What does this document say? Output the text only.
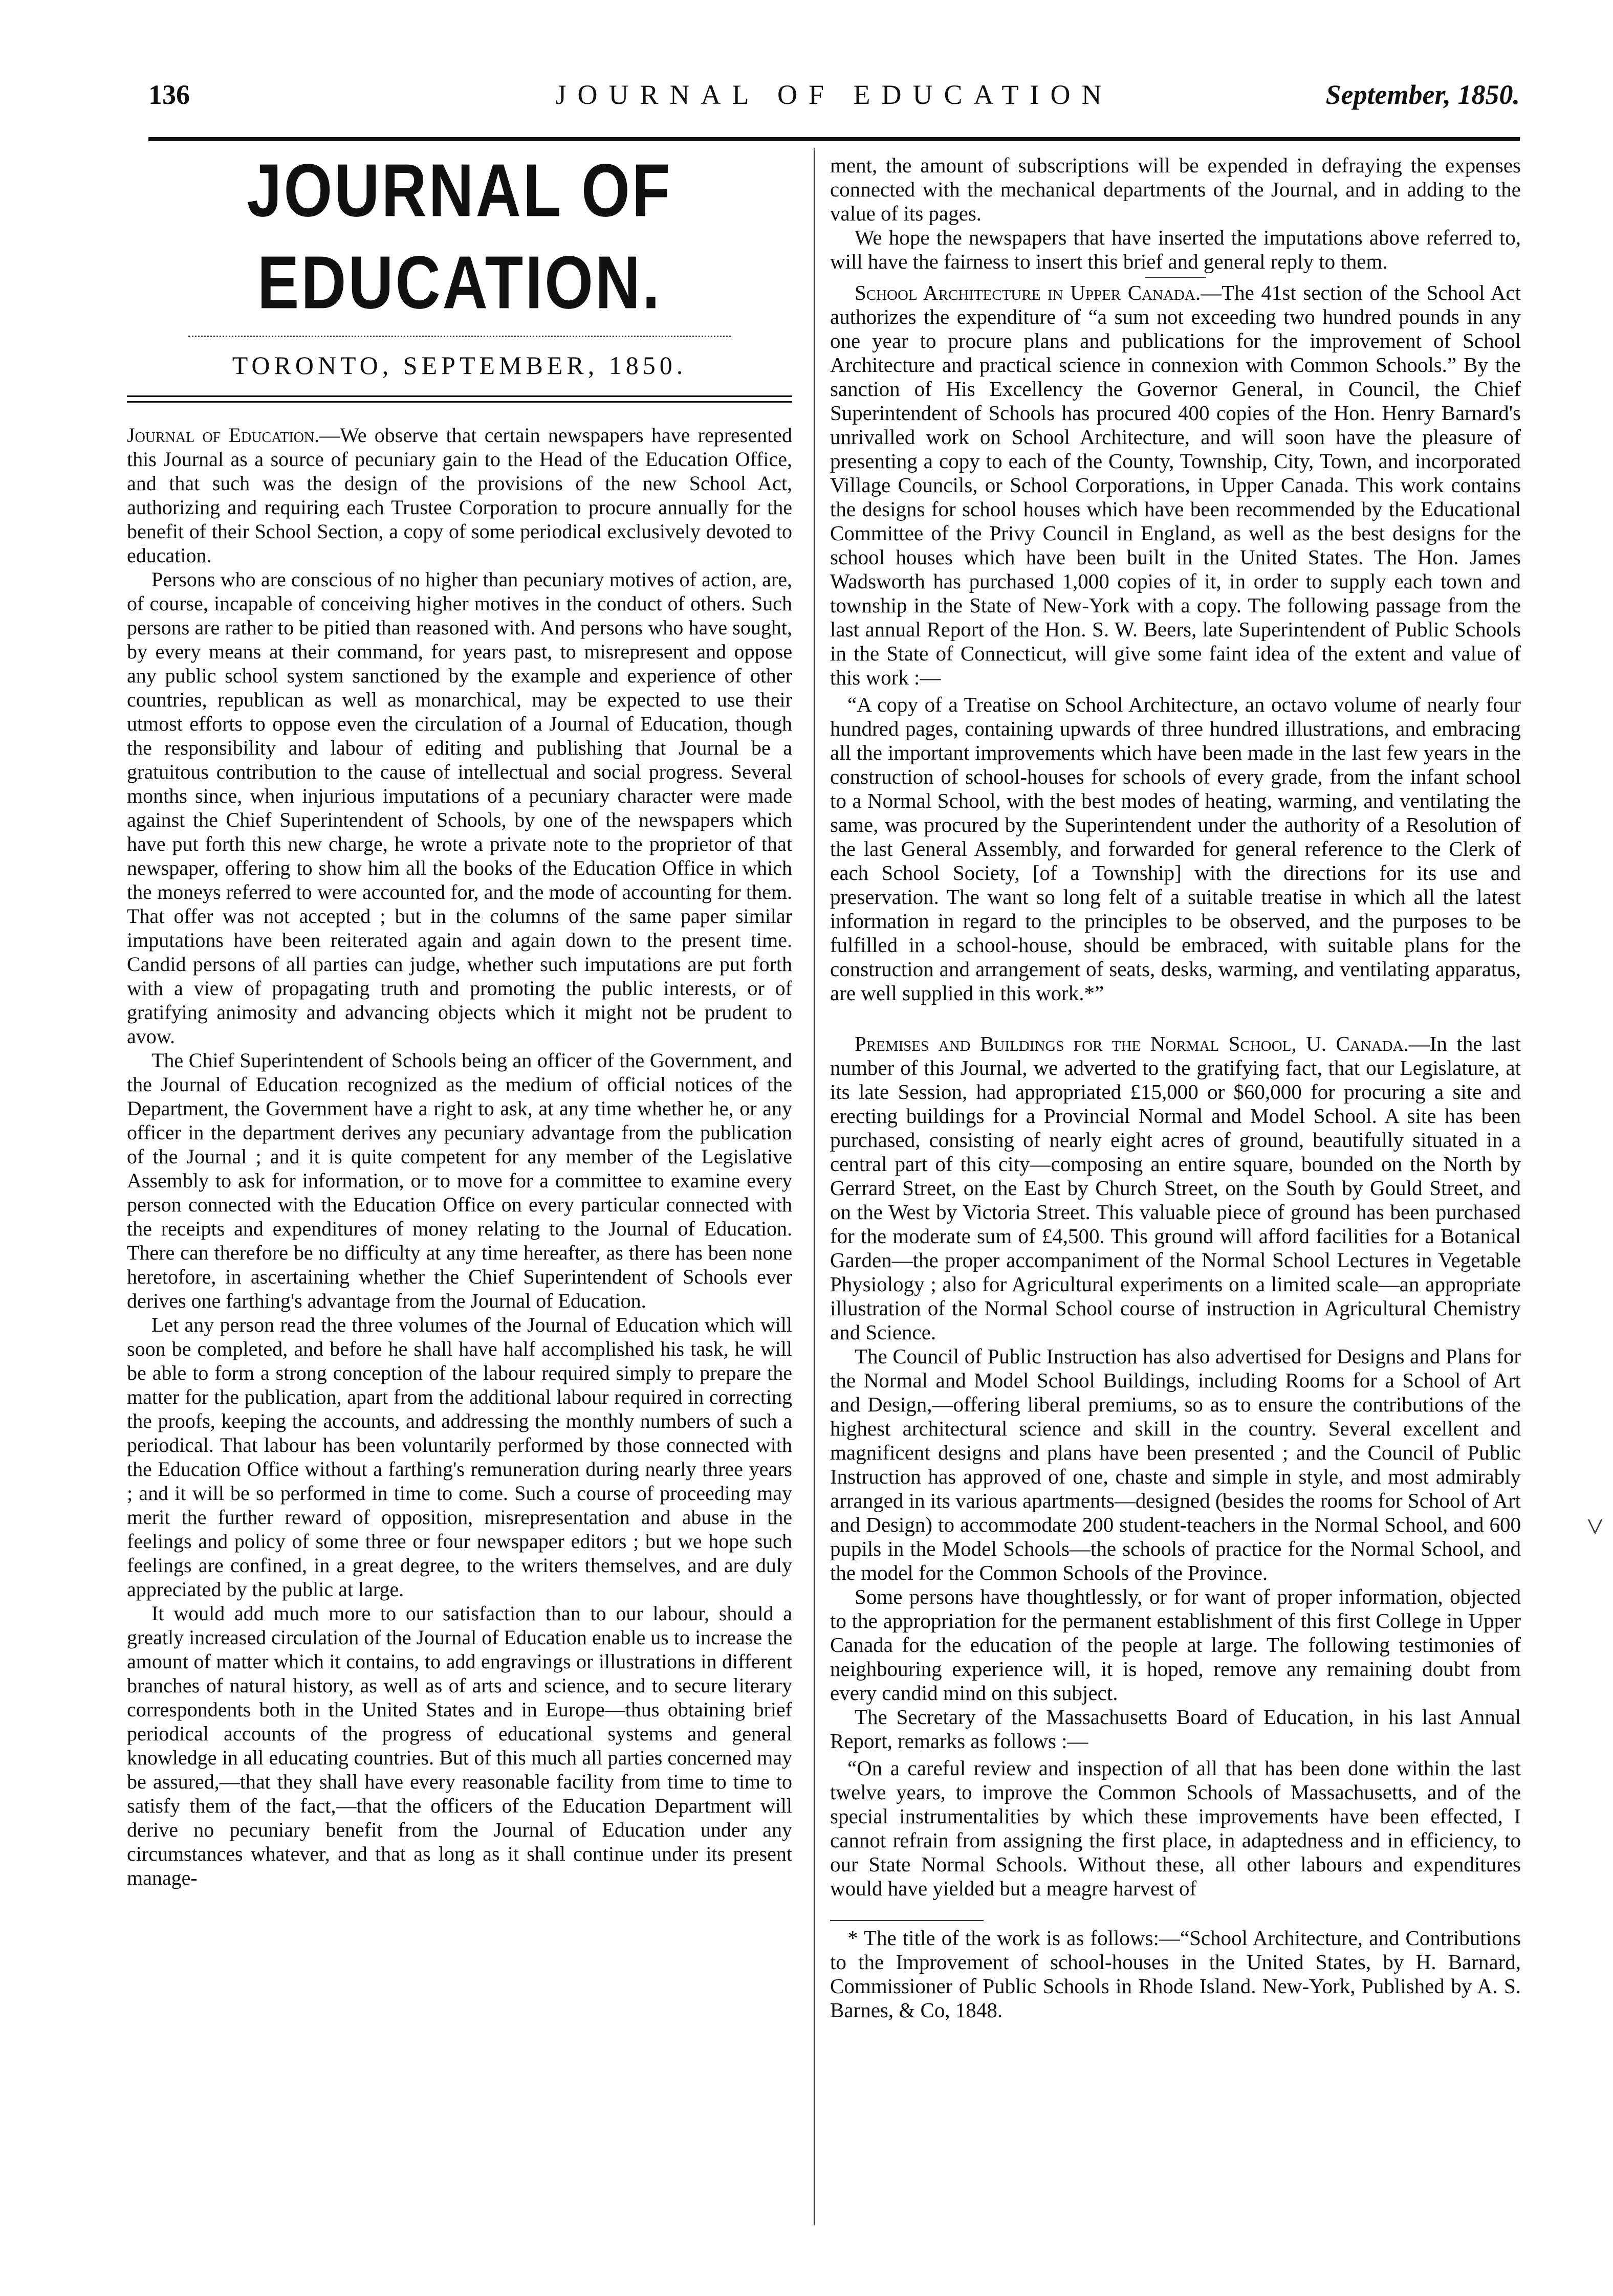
136	JOURNAL OF EDUCATION	September, 1850.
JOURNAL OF EDUCATION.
TORONTO, SEPTEMBER, 1850.

Journal of Education.—We observe that certain newspapers have represented this Journal as a source of pecuniary gain to the Head of the Education Office, and that such was the design of the provisions of the new School Act, authorizing and requiring each Trustee Corporation to procure annually for the benefit of their School Section, a copy of some periodical exclusively devoted to education.

Persons who are conscious of no higher than pecuniary motives of action, are, of course, incapable of conceiving higher motives in the conduct of others. Such persons are rather to be pitied than reasoned with. And persons who have sought, by every means at their command, for years past, to misrepresent and oppose any public school system sanctioned by the example and experience of other countries, republican as well as monarchical, may be expected to use their utmost efforts to oppose even the circulation of a Journal of Education, though the responsibility and labour of editing and publishing that Journal be a gratuitous contribution to the cause of intellectual and social progress. Several months since, when injurious imputations of a pecuniary character were made against the Chief Superintendent of Schools, by one of the newspapers which have put forth this new charge, he wrote a private note to the proprietor of that newspaper, offering to show him all the books of the Education Office in which the moneys referred to were accounted for, and the mode of accounting for them. That offer was not accepted ; but in the columns of the same paper similar imputations have been reiterated again and again down to the present time. Candid persons of all parties can judge, whether such imputations are put forth with a view of propagating truth and promoting the public interests, or of gratifying animosity and advancing objects which it might not be prudent to avow.

The Chief Superintendent of Schools being an officer of the Government, and the Journal of Education recognized as the medium of official notices of the Department, the Government have a right to ask, at any time whether he, or any officer in the department derives any pecuniary advantage from the publication of the Journal ; and it is quite competent for any member of the Legislative Assembly to ask for information, or to move for a committee to examine every person connected with the Education Office on every particular connected with the receipts and expenditures of money relating to the Journal of Education. There can therefore be no difficulty at any time hereafter, as there has been none heretofore, in ascertaining whether the Chief Superintendent of Schools ever derives one farthing's advantage from the Journal of Education.

Let any person read the three volumes of the Journal of Education which will soon be completed, and before he shall have half accomplished his task, he will be able to form a strong conception of the labour required simply to prepare the matter for the publication, apart from the additional labour required in correcting the proofs, keeping the accounts, and addressing the monthly numbers of such a periodical. That labour has been voluntarily performed by those connected with the Education Office without a farthing's remuneration during nearly three years ; and it will be so performed in time to come. Such a course of proceeding may merit the further reward of opposition, misrepresentation and abuse in the feelings and policy of some three or four newspaper editors ; but we hope such feelings are confined, in a great degree, to the writers themselves, and are duly appreciated by the public at large.

It would add much more to our satisfaction than to our labour, should a greatly increased circulation of the Journal of Education enable us to increase the amount of matter which it contains, to add engravings or illustrations in different branches of natural history, as well as of arts and science, and to secure literary correspondents both in the United States and in Europe—thus obtaining brief periodical accounts of the progress of educational systems and general knowledge in all educating countries. But of this much all parties concerned may be assured,—that they shall have every reasonable facility from time to time to satisfy them of the fact,—that the officers of the Education Department will derive no pecuniary benefit from the Journal of Education under any circumstances whatever, and that as long as it shall continue under its present manage-

ment, the amount of subscriptions will be expended in defraying the expenses connected with the mechanical departments of the Journal, and in adding to the value of its pages.

We hope the newspapers that have inserted the imputations above referred to, will have the fairness to insert this brief and general reply to them.

School Architecture in Upper Canada.—The 41st section of the School Act authorizes the expenditure of “a sum not exceeding two hundred pounds in any one year to procure plans and publications for the improvement of School Architecture and practical science in connexion with Common Schools.” By the sanction of His Excellency the Governor General, in Council, the Chief Superintendent of Schools has procured 400 copies of the Hon. Henry Barnard's unrivalled work on School Architecture, and will soon have the pleasure of presenting a copy to each of the County, Township, City, Town, and incorporated Village Councils, or School Corporations, in Upper Canada. This work contains the designs for school houses which have been recommended by the Educational Committee of the Privy Council in England, as well as the best designs for the school houses which have been built in the United States. The Hon. James Wadsworth has purchased 1,000 copies of it, in order to supply each town and township in the State of New-York with a copy. The following passage from the last annual Report of the Hon. S. W. Beers, late Superintendent of Public Schools in the State of Connecticut, will give some faint idea of the extent and value of this work :—

“A copy of a Treatise on School Architecture, an octavo volume of nearly four hundred pages, containing upwards of three hundred illustrations, and embracing all the important improvements which have been made in the last few years in the construction of school-houses for schools of every grade, from the infant school to a Normal School, with the best modes of heating, warming, and ventilating the same, was procured by the Superintendent under the authority of a Resolution of the last General Assembly, and forwarded for general reference to the Clerk of each School Society, [of a Township] with the directions for its use and preservation. The want so long felt of a suitable treatise in which all the latest information in regard to the principles to be observed, and the purposes to be fulfilled in a school-house, should be embraced, with suitable plans for the construction and arrangement of seats, desks, warming, and ventilating apparatus, are well supplied in this work.*”

Premises and Buildings for the Normal School, U. Canada.—In the last number of this Journal, we adverted to the gratifying fact, that our Legislature, at its late Session, had appropriated £15,000 or $60,000 for procuring a site and erecting buildings for a Provincial Normal and Model School. A site has been purchased, consisting of nearly eight acres of ground, beautifully situated in a central part of this city—composing an entire square, bounded on the North by Gerrard Street, on the East by Church Street, on the South by Gould Street, and on the West by Victoria Street. This valuable piece of ground has been purchased for the moderate sum of £4,500. This ground will afford facilities for a Botanical Garden—the proper accompaniment of the Normal School Lectures in Vegetable Physiology ; also for Agricultural experiments on a limited scale—an appropriate illustration of the Normal School course of instruction in Agricultural Chemistry and Science.

The Council of Public Instruction has also advertised for Designs and Plans for the Normal and Model School Buildings, including Rooms for a School of Art and Design,—offering liberal premiums, so as to ensure the contributions of the highest architectural science and skill in the country. Several excellent and magnificent designs and plans have been presented ; and the Council of Public Instruction has approved of one, chaste and simple in style, and most admirably arranged in its various apartments—designed (besides the rooms for School of Art and Design) to accommodate 200 student-teachers in the Normal School, and 600 pupils in the Model Schools—the schools of practice for the Normal School, and the model for the Common Schools of the Province.

Some persons have thoughtlessly, or for want of proper information, objected to the appropriation for the permanent establishment of this first College in Upper Canada for the education of the people at large. The following testimonies of neighbouring experience will, it is hoped, remove any remaining doubt from every candid mind on this subject.

The Secretary of the Massachusetts Board of Education, in his last Annual Report, remarks as follows :—

“On a careful review and inspection of all that has been done within the last twelve years, to improve the Common Schools of Massachusetts, and of the special instrumentalities by which these improvements have been effected, I cannot refrain from assigning the first place, in adaptedness and in efficiency, to our State Normal Schools. Without these, all other labours and expenditures would have yielded but a meagre harvest of

* The title of the work is as follows:—“School Architecture, and Contributions to the Improvement of school-houses in the United States, by H. Barnard, Commissioner of Public Schools in Rhode Island. New-York, Published by A. S. Barnes, & Co, 1848.

˅
